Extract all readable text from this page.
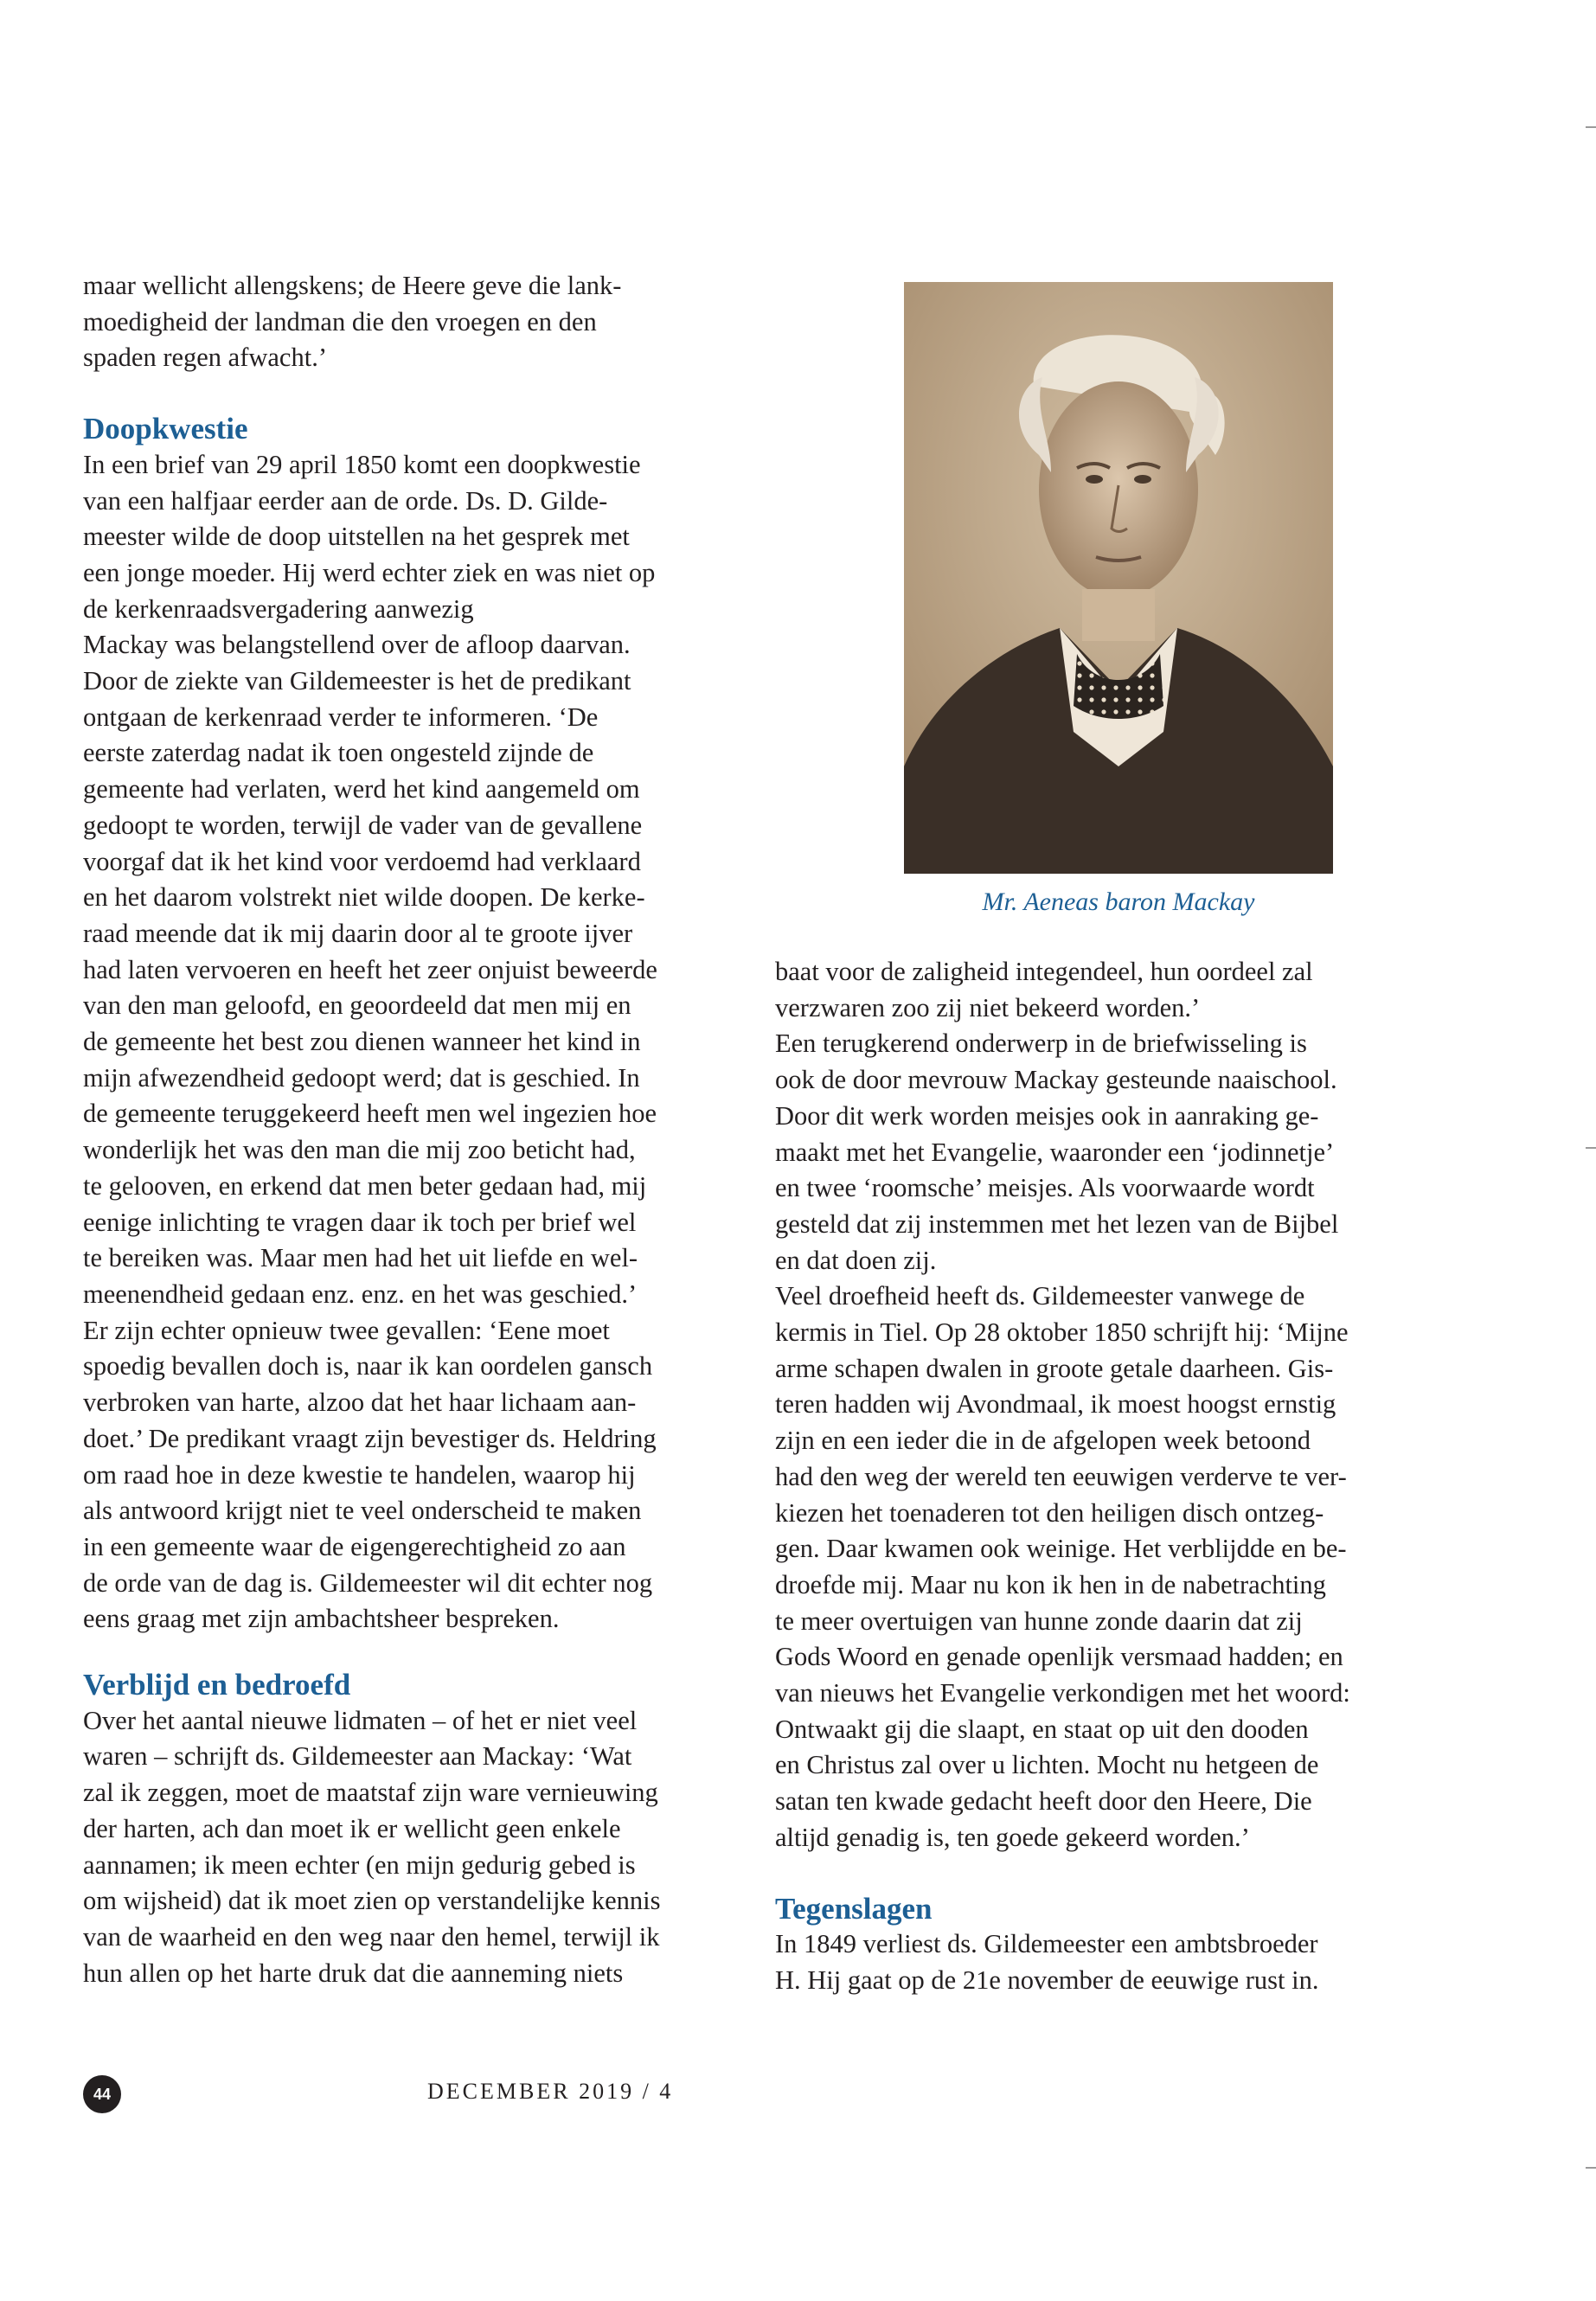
maar wellicht allengskens; de Heere geve die lank-
moedigheid der landman die den vroegen en den
spaden regen afwacht.’

Doopkwestie

In een brief van 29 april 1850 komt een doopkwestie
van een halfjaar eerder aan de orde. Ds. D. Gilde-
meester wilde de doop uitstellen na het gesprek met
een jonge moeder. Hij werd echter ziek en was niet op
de kerkenraadsvergadering aanwezig
Mackay was belangstellend over de afloop daarvan.
Door de ziekte van Gildemeester is het de predikant
ontgaan de kerkenraad verder te informeren. ‘De
eerste zaterdag nadat ik toen ongesteld zijnde de
gemeente had verlaten, werd het kind aangemeld om
gedoopt te worden, terwijl de vader van de gevallene
voorgaf dat ik het kind voor verdoemd had verklaard
en het daarom volstrekt niet wilde doopen. De kerke-
raad meende dat ik mij daarin door al te groote ijver
had laten vervoeren en heeft het zeer onjuist beweerde
van den man geloofd, en geoordeeld dat men mij en
de gemeente het best zou dienen wanneer het kind in
mijn afwezendheid gedoopt werd; dat is geschied. In
de gemeente teruggekeerd heeft men wel ingezien hoe
wonderlijk het was den man die mij zoo beticht had,
te gelooven, en erkend dat men beter gedaan had, mij
eenige inlichting te vragen daar ik toch per brief wel
te bereiken was. Maar men had het uit liefde en wel-
meenendheid gedaan enz. enz. en het was geschied.’
Er zijn echter opnieuw twee gevallen: ‘Eene moet
spoedig bevallen doch is, naar ik kan oordelen gansch
verbroken van harte, alzoo dat het haar lichaam aan-
doet.’ De predikant vraagt zijn bevestiger ds. Heldring
om raad hoe in deze kwestie te handelen, waarop hij
als antwoord krijgt niet te veel onderscheid te maken
in een gemeente waar de eigengerechtigheid zo aan
de orde van de dag is. Gildemeester wil dit echter nog
eens graag met zijn ambachtsheer bespreken.

Verblijd en bedroefd

Over het aantal nieuwe lidmaten – of het er niet veel
waren – schrijft ds. Gildemeester aan Mackay: ‘Wat
zal ik zeggen, moet de maatstaf zijn ware vernieuwing
der harten, ach dan moet ik er wellicht geen enkele
aannamen; ik meen echter (en mijn gedurig gebed is
om wijsheid) dat ik moet zien op verstandelijke kennis
van de waarheid en den weg naar den hemel, terwijl ik
hun allen op het harte druk dat die aanneming niets

Mr. Aeneas baron Mackay

baat voor de zaligheid integendeel, hun oordeel zal
verzwaren zoo zij niet bekeerd worden.’
Een terugkerend onderwerp in de briefwisseling is
ook de door mevrouw Mackay gesteunde naaischool.
Door dit werk worden meisjes ook in aanraking ge-
maakt met het Evangelie, waaronder een ‘jodinnetje’
en twee ‘roomsche’ meisjes. Als voorwaarde wordt
gesteld dat zij instemmen met het lezen van de Bijbel
en dat doen zij.
Veel droefheid heeft ds. Gildemeester vanwege de
kermis in Tiel. Op 28 oktober 1850 schrijft hij: ‘Mijne
arme schapen dwalen in groote getale daarheen. Gis-
teren hadden wij Avondmaal, ik moest hoogst ernstig
zijn en een ieder die in de afgelopen week betoond
had den weg der wereld ten eeuwigen verderve te ver-
kiezen het toenaderen tot den heiligen disch ontzeg-
gen. Daar kwamen ook weinige. Het verblijdde en be-
droefde mij. Maar nu kon ik hen in de nabetrachting
te meer overtuigen van hunne zonde daarin dat zij
Gods Woord en genade openlijk versmaad hadden; en
van nieuws het Evangelie verkondigen met het woord:
Ontwaakt gij die slaapt, en staat op uit den dooden
en Christus zal over u lichten. Mocht nu hetgeen de
satan ten kwade gedacht heeft door den Heere, Die
altijd genadig is, ten goede gekeerd worden.’

Tegenslagen

In 1849 verliest ds. Gildemeester een ambtsbroeder
H. Hij gaat op de 21e november de eeuwige rust in.

44	DECEMBER 2019 / 4
